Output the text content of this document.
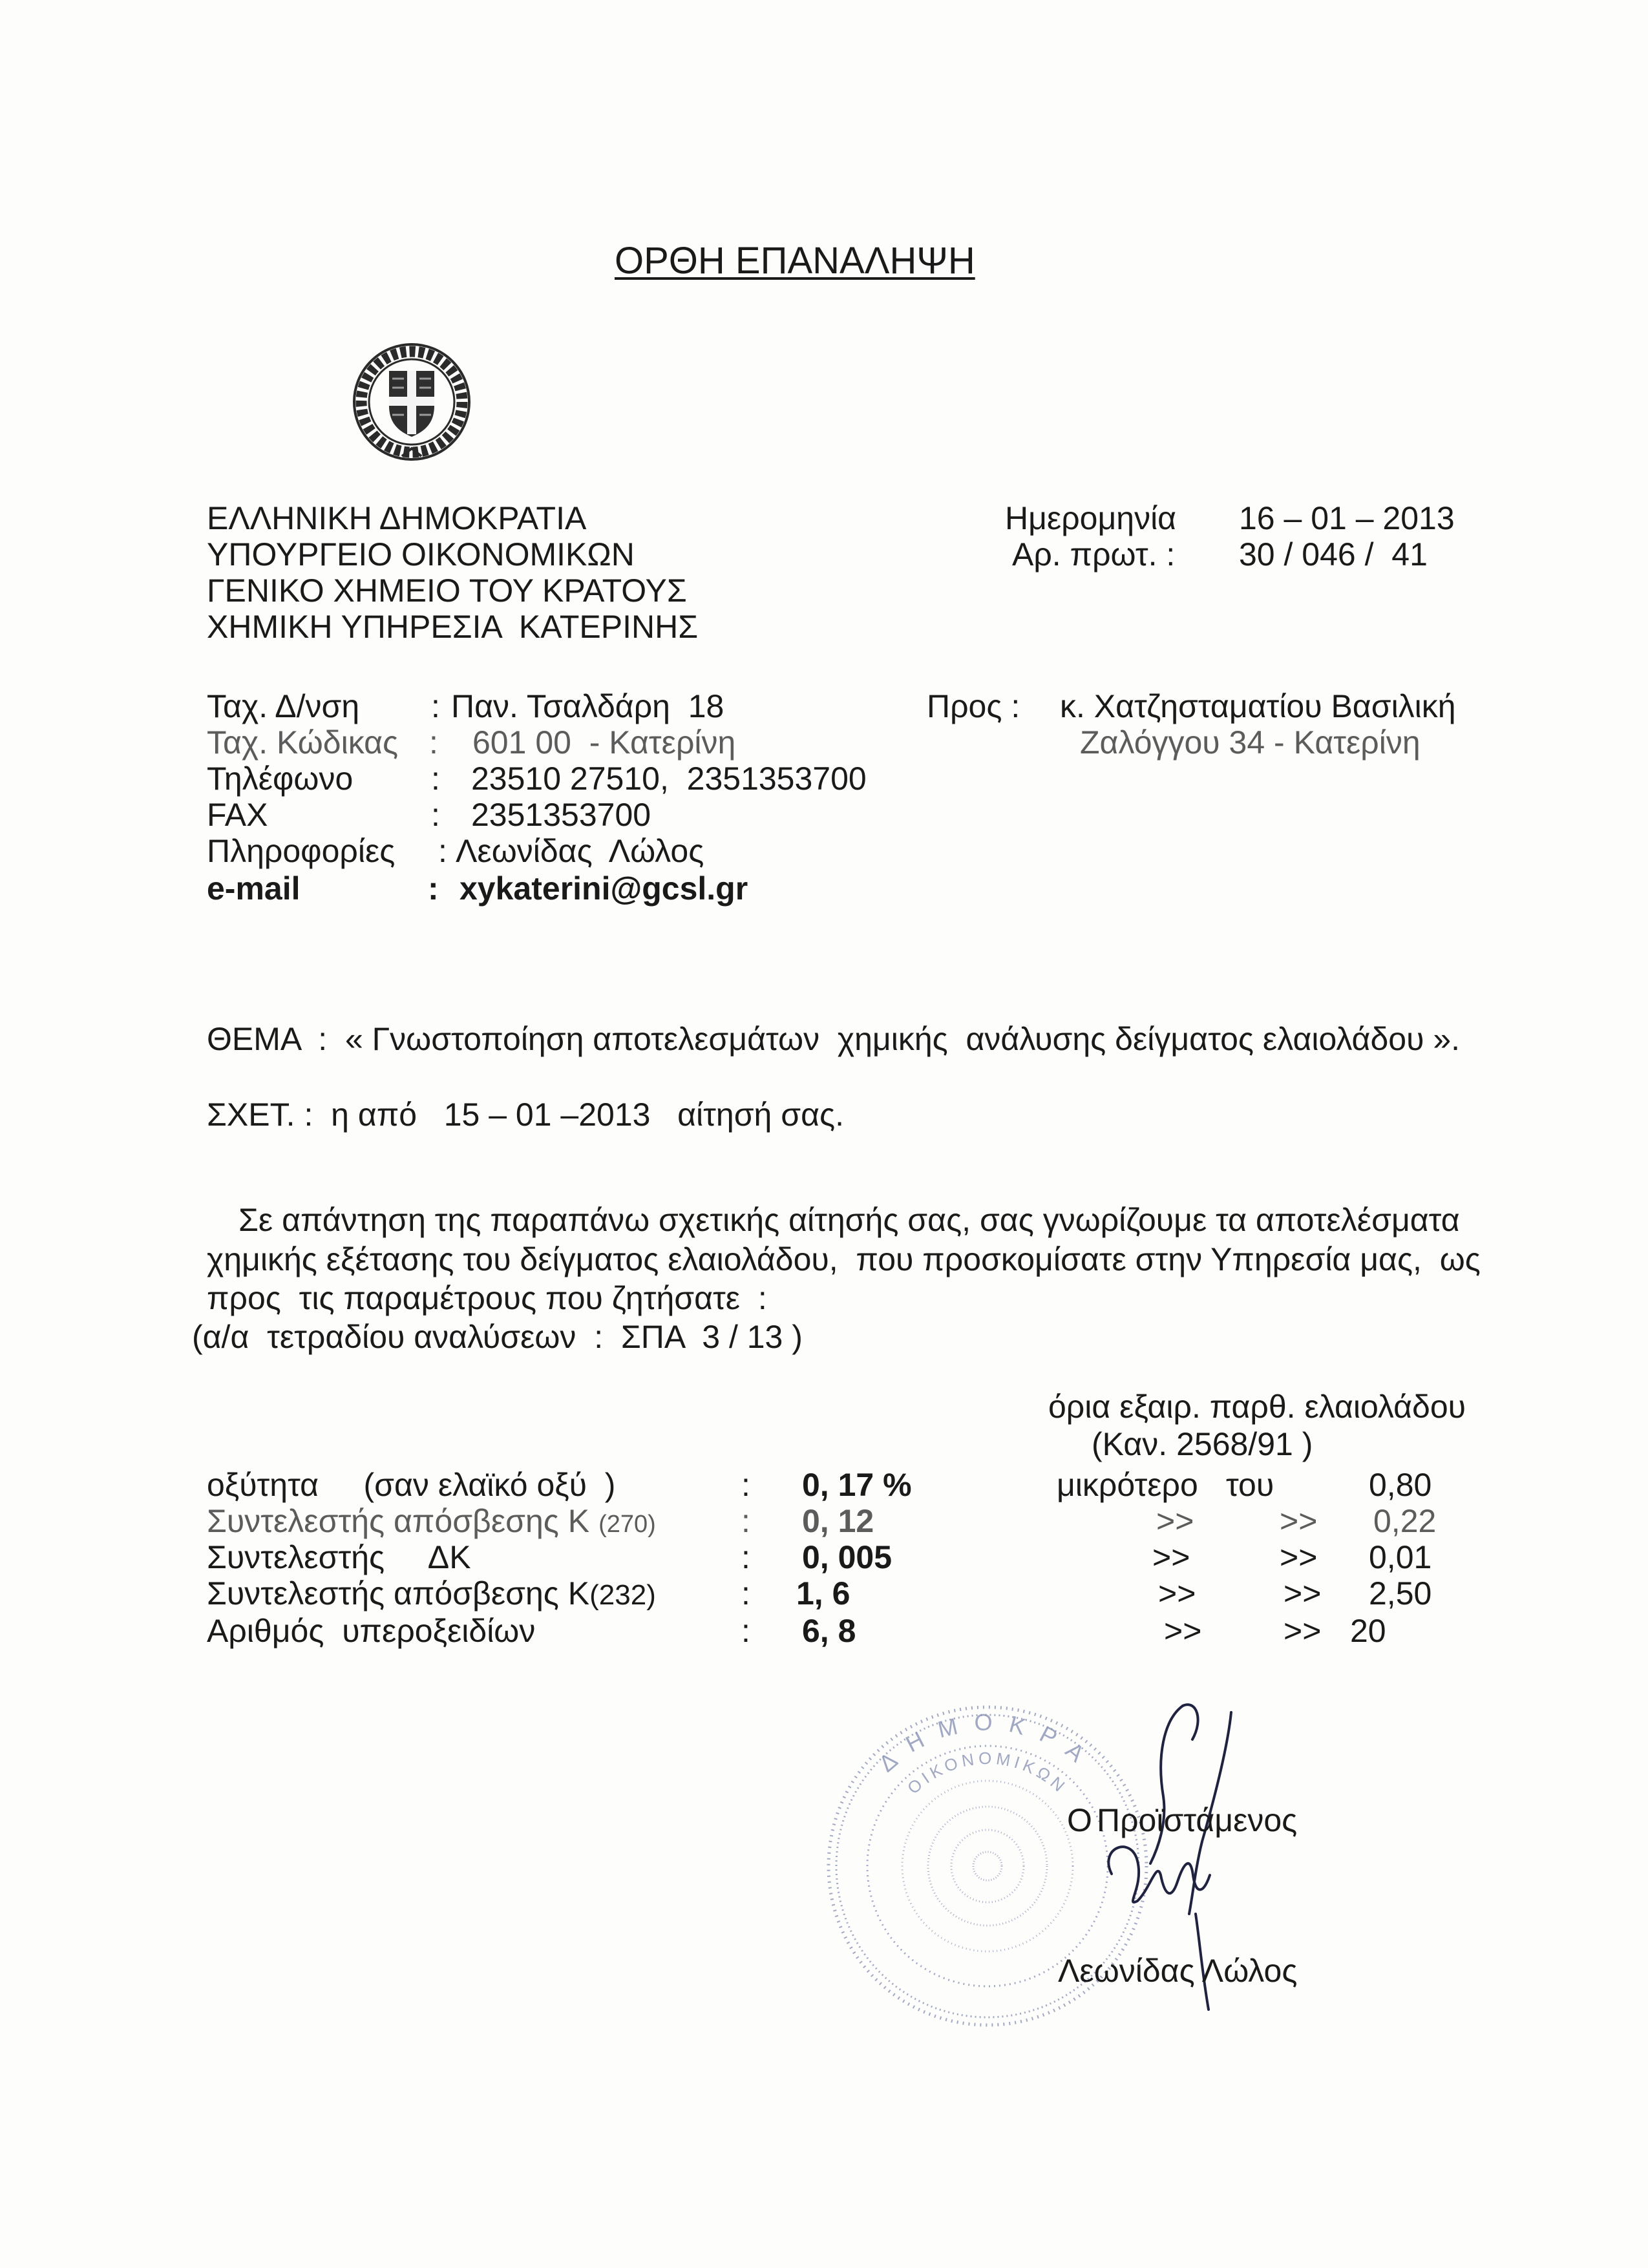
ΔΗΜΟΚΡΑ
ΟΙΚΟΝΟΜΙΚΩΝ
ΟΡΘΗ ΕΠΑΝΑΛΗΨΗ
ΕΛΛΗΝΙΚΗ ΔΗΜΟΚΡΑΤΙΑ
ΥΠΟΥΡΓΕΙΟ ΟΙΚΟΝΟΜΙΚΩΝ
ΓΕΝΙΚΟ ΧΗΜΕΙΟ ΤΟΥ ΚΡΑΤΟΥΣ
ΧΗΜΙΚΗ ΥΠΗΡΕΣΙΑ  ΚΑΤΕΡΙΝΗΣ
Ημερομηνία 16 – 01 – 2013
Αρ. πρωτ. : 30 / 046 /  41
Ταχ. Δ/νση : Παν. Τσαλδάρη  18
Ταχ. Κώδικας : 601 00  - Κατερίνη
Τηλέφωνο : 23510 27510,  2351353700
FAX	: 2351353700
Πληροφορίες : Λεωνίδας  Λώλος
e-mail	: xykaterini@gcsl.gr
Προς : κ. Χατζησταματίου Βασιλική
Ζαλόγγου 34 - Κατερίνη
ΘΕΜΑ  :  « Γνωστοποίηση αποτελεσμάτων  χημικής  ανάλυσης δείγματος ελαιολάδου ».
ΣΧΕΤ. :  η από   15 – 01 –2013   αίτησή σας.
Σε απάντηση της παραπάνω σχετικής αίτησής σας, σας γνωρίζουμε τα αποτελέσματα
χημικής εξέτασης του δείγματος ελαιολάδου,  που προσκομίσατε στην Υπηρεσία μας,  ως
προς  τις παραμέτρους που ζητήσατε  :
(α/α  τετραδίου αναλύσεων  :  ΣΠΑ  3 / 13 )
όρια εξαιρ. παρθ. ελαιολάδου
(Καν. 2568/91 )
οξύτητα     (σαν ελαϊκό οξύ  )	: 0, 17 %	μικρότερο του	0,80
Συντελεστής απόσβεσης Κ (270)	: 0, 12	>>	>> 0,22
Συντελεστής     ΔΚ	: 0, 005	>>	>> 0,01
Συντελεστής απόσβεσης Κ(232)	: 1, 6	>>	>> 2,50
Αριθμός  υπεροξειδίων	: 6, 8	>>	>> 20
Ο Προϊστάμενος
Λεωνίδας Λώλος
